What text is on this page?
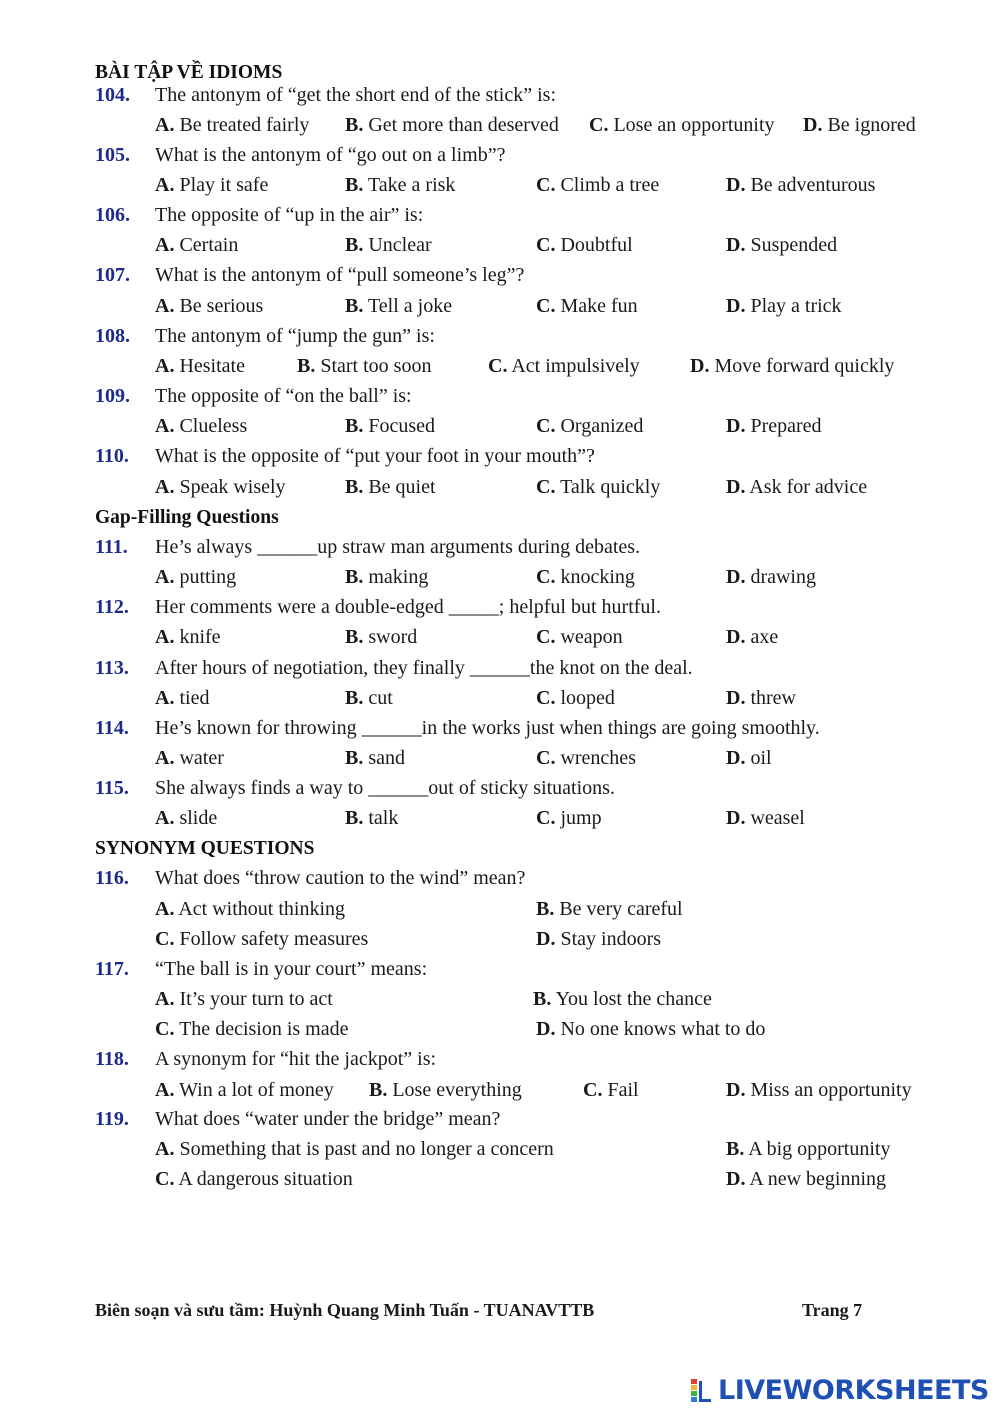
BÀI TẬP VỀ IDIOMS
104. The antonym of “get the short end of the stick” is:
A. Be treated fairly B. Get more than deserved C. Lose an opportunity D. Be ignored
105. What is the antonym of “go out on a limb”?
A. Play it safe	B. Take a risk	C. Climb a tree	D. Be adventurous
106. The opposite of “up in the air” is:
A. Certain	B. Unclear	C. Doubtful	D. Suspended
107. What is the antonym of “pull someone’s leg”?
A. Be serious	B. Tell a joke	C. Make fun	D. Play a trick
108. The antonym of “jump the gun” is:
A. Hesitate	B. Start too soon	C. Act impulsively	D. Move forward quickly
109. The opposite of “on the ball” is:
A. Clueless	B. Focused	C. Organized	D. Prepared
110. What is the opposite of “put your foot in your mouth”?
A. Speak wisely	B. Be quiet	C. Talk quickly	D. Ask for advice
Gap-Filling Questions
111. He’s always ______up straw man arguments during debates.
A. putting	B. making	C. knocking	D. drawing
112. Her comments were a double-edged _____; helpful but hurtful.
A. knife	B. sword	C. weapon	D. axe
113. After hours of negotiation, they finally ______the knot on the deal.
A. tied	B. cut	C. looped	D. threw
114. He’s known for throwing ______in the works just when things are going smoothly.
A. water	B. sand	C. wrenches	D. oil
115. She always finds a way to ______out of sticky situations.
A. slide	B. talk	C. jump	D. weasel
SYNONYM QUESTIONS
116. What does “throw caution to the wind” mean?
A. Act without thinking	B. Be very careful
C. Follow safety measures	D. Stay indoors
117. “The ball is in your court” means:
A. It’s your turn to act	B. You lost the chance
C. The decision is made	D. No one knows what to do
118. A synonym for “hit the jackpot” is:
A. Win a lot of money B. Lose everything	C. Fail	D. Miss an opportunity
119. What does “water under the bridge” mean?
A. Something that is past and no longer a concern	B. A big opportunity
C. A dangerous situation	D. A new beginning
Biên soạn và sưu tầm: Huỳnh Quang Minh Tuấn - TUANAVTTB	Trang 7
LIVEWORKSHEETS
